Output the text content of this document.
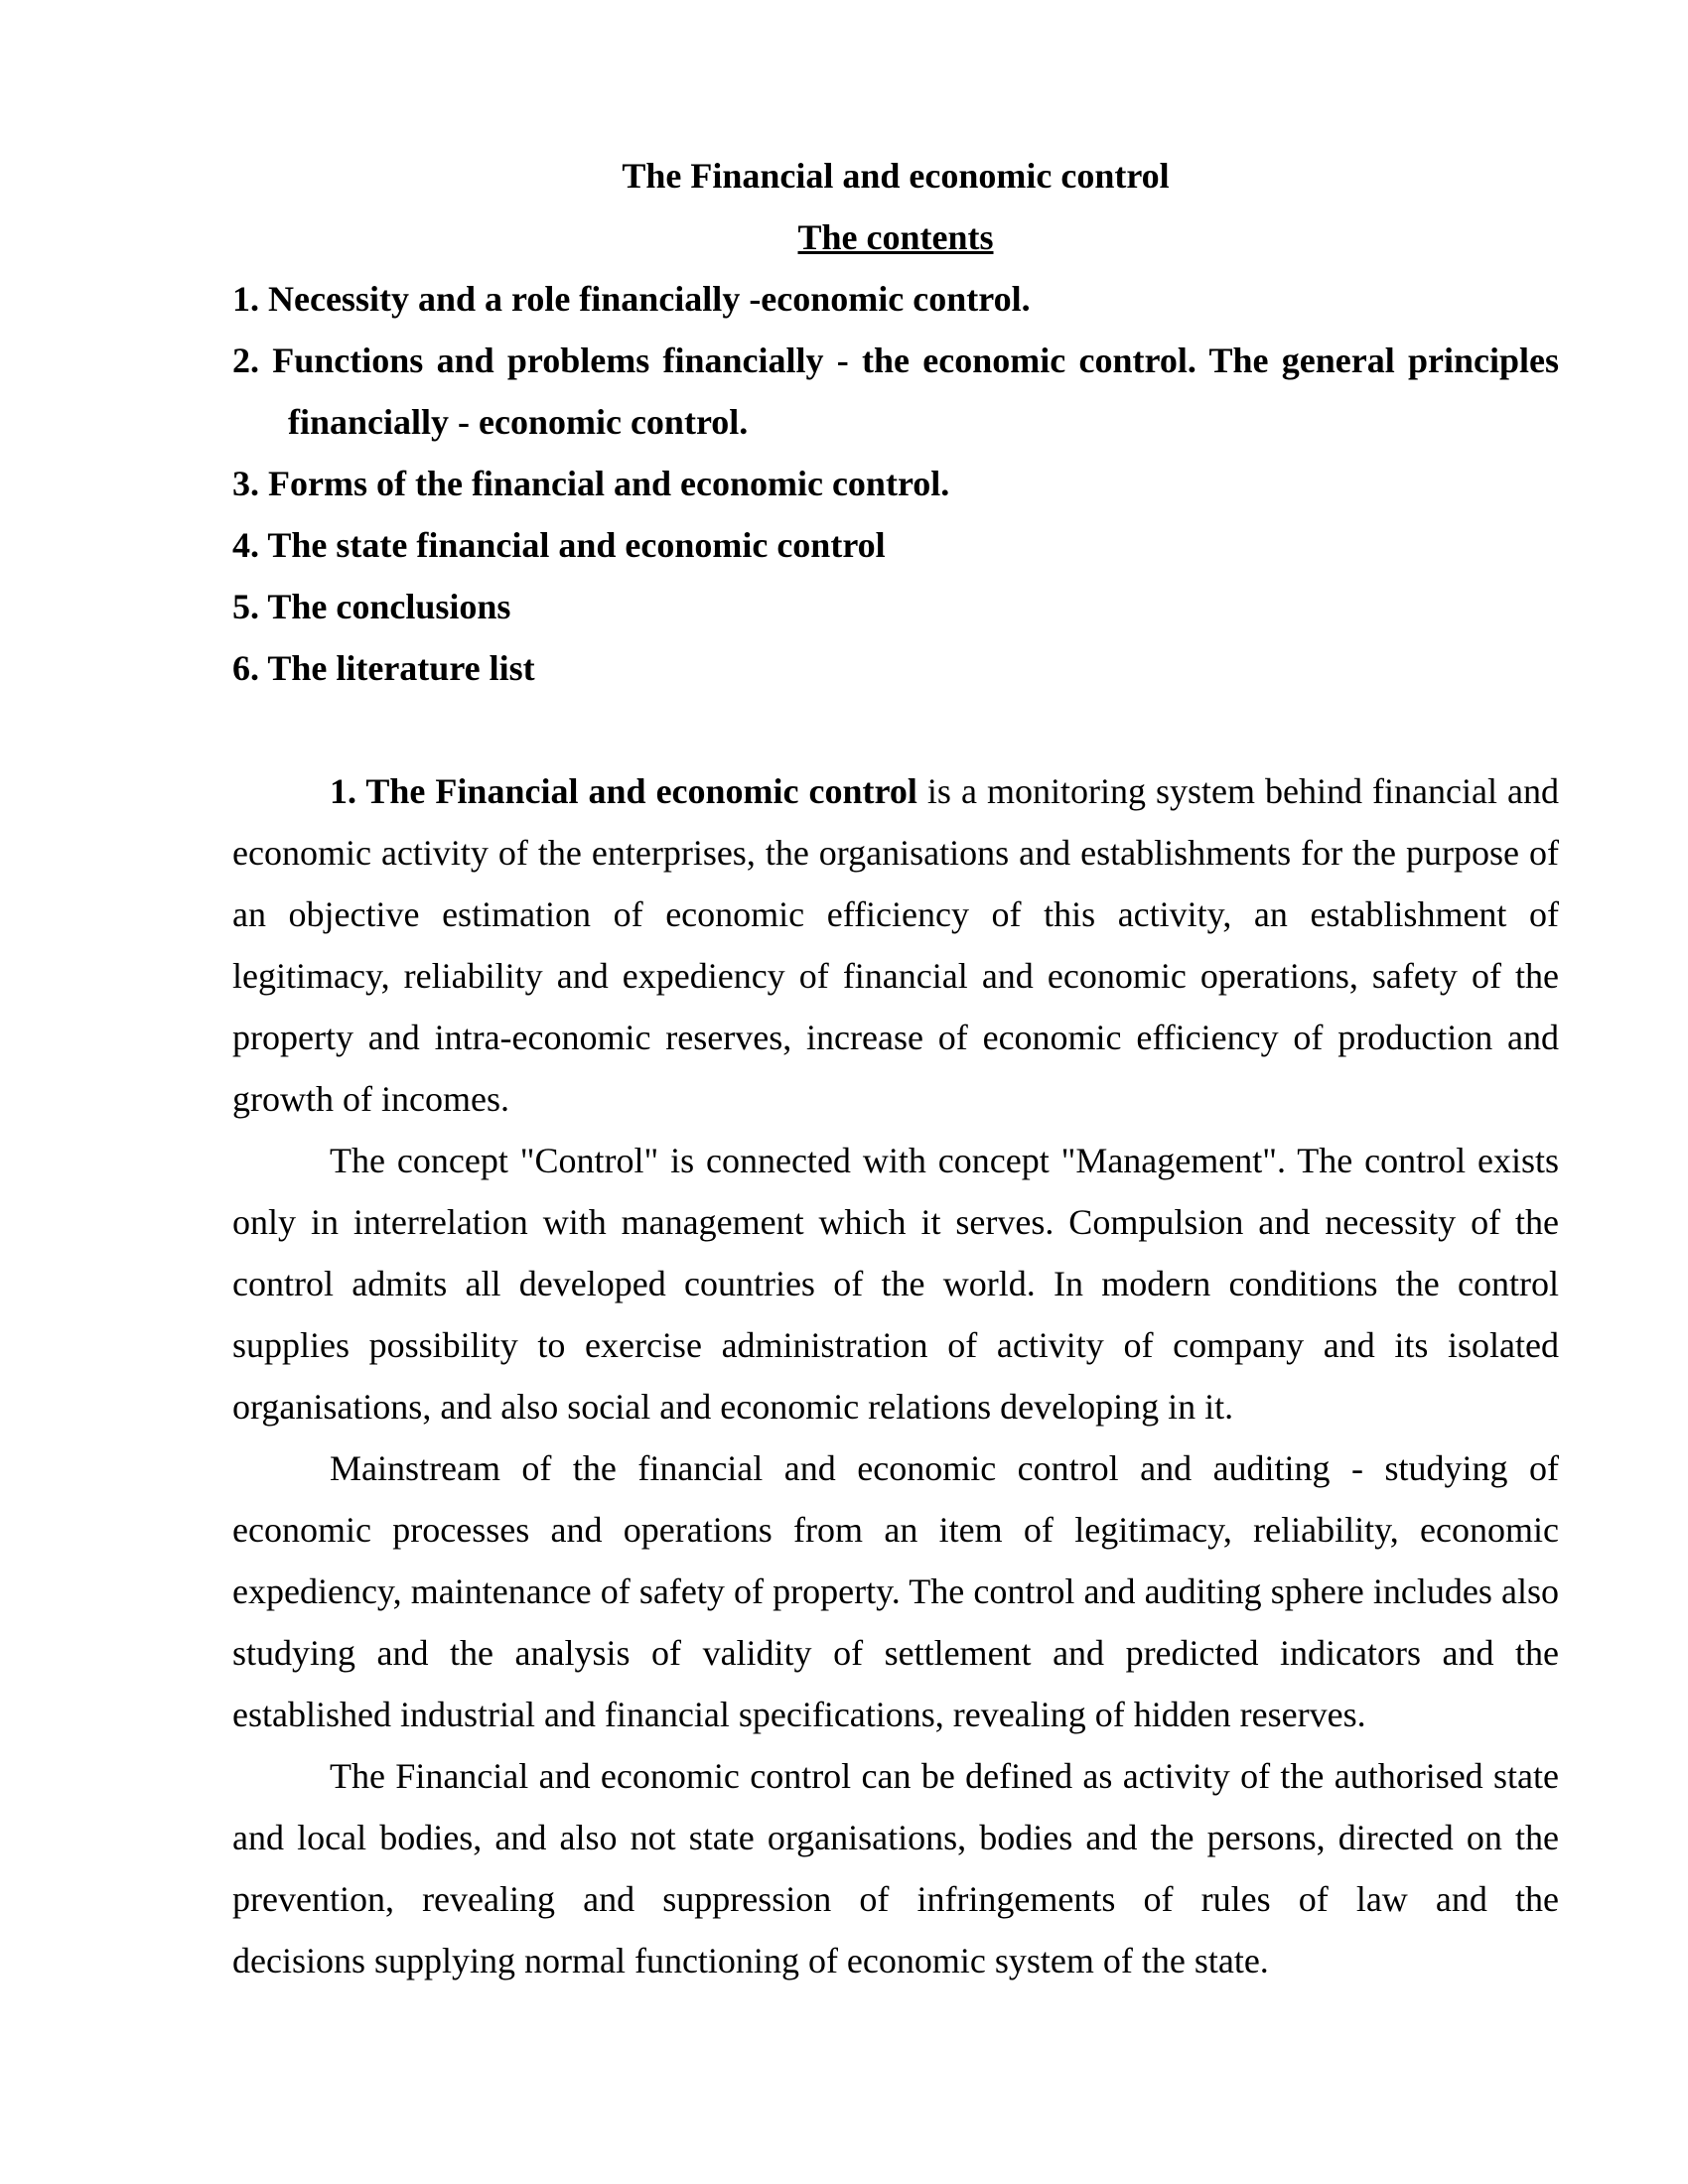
The Financial and economic control
The contents
1. Necessity and a role financially -economic control.
2. Functions and problems financially - the economic control. The general principles
financially - economic control.
3. Forms of the financial and economic control.
4. The state financial and economic control
5. The conclusions
6. The literature list
1. The Financial and economic control is a monitoring system behind financial and
economic activity of the enterprises, the organisations and establishments for the purpose of
an objective estimation of economic efficiency of this activity, an establishment of
legitimacy, reliability and expediency of financial and economic operations, safety of the
property and intra-economic reserves, increase of economic efficiency of production and
growth of incomes.
The concept "Control" is connected with concept "Management". The control exists
only in interrelation with management which it serves. Compulsion and necessity of the
control admits all developed countries of the world. In modern conditions the control
supplies possibility to exercise administration of activity of company and its isolated
organisations, and also social and economic relations developing in it.
Mainstream of the financial and economic control and auditing - studying of
economic processes and operations from an item of legitimacy, reliability, economic
expediency, maintenance of safety of property. The control and auditing sphere includes also
studying and the analysis of validity of settlement and predicted indicators and the
established industrial and financial specifications, revealing of hidden reserves.
The Financial and economic control can be defined as activity of the authorised state
and local bodies, and also not state organisations, bodies and the persons, directed on the
prevention, revealing and suppression of infringements of rules of law and the
decisions supplying normal functioning of economic system of the state.
